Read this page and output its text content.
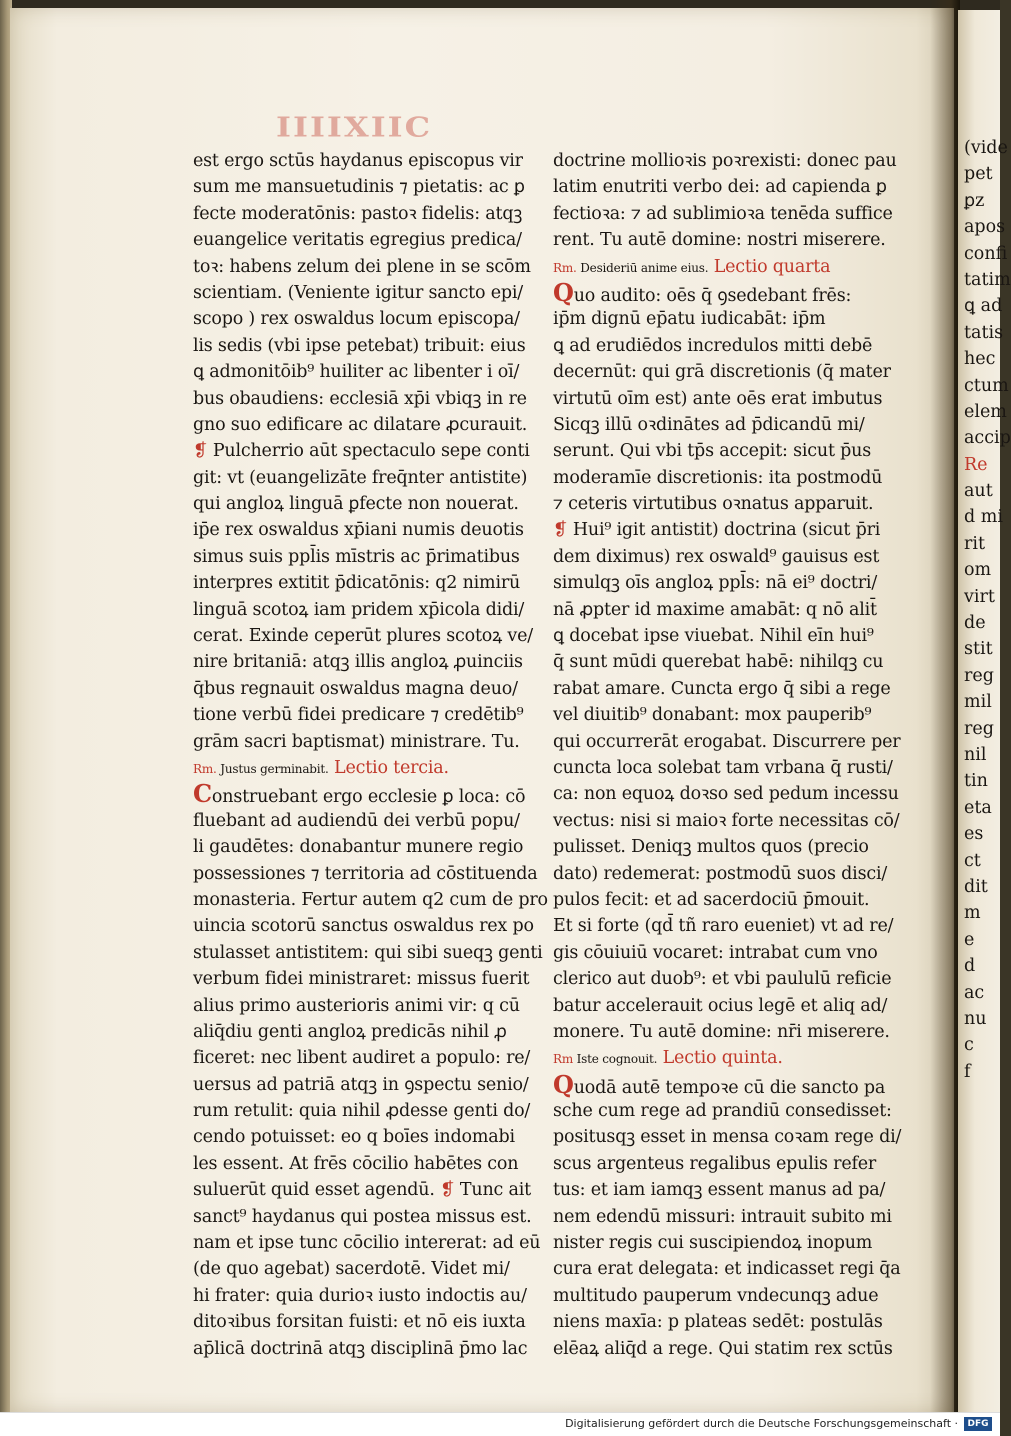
IIIIXIIC
est ergo sctūs haydanus episcopus vir
sum me mansuetudinis ⁊ pietatis: ac ꝑ
fecte moderatōnis: pastoꝛ fidelis: atqꝫ
euangelice veritatis egregius predica/
toꝛ: habens zelum dei plene in se scōm
scientiam. (Veniente igitur sancto epi/
scopo ) rex oswaldus locum episcopa/
lis sedis (vbi ipse petebat) tribuit: eius
ꝗ admonitōib⁹ huiliter ac libenter i oī/
bus obaudiens: ecclesiā xp̄i vbiqꝫ in re
gno suo edificare ac dilatare ꝓcurauit.
❡ Pulcherrio aūt spectaculo sepe conti
git: vt (euangelizāte freq̄nter antistite)
qui angloꝝ linguā ꝑfecte non nouerat.
ip̄e rex oswaldus xp̄iani numis deuotis
simus suis ppl̄is mīstris ac p̄rimatibus
interpres extitit p̄dicatōnis: q2 nimirū
linguā scotoꝝ iam pridem xp̄icola didi/
cerat. Exinde ceperūt plures scotoꝝ ve/
nire britaniā: atqꝫ illis angloꝝ ꝓuinciis
q̄bus regnauit oswaldus magna deuo/
tione verbū fidei predicare ⁊ credētib⁹
grām sacri baptismat) ministrare. Tu.
Rm. Justus germinabit. Lectio tercia.
Construebant ergo ecclesie ꝑ loca: cō
fluebant ad audiendū dei verbū popu/
li gaudētes: donabantur munere regio
possessiones ⁊ territoria ad cōstituenda
monasteria. Fertur autem q2 cum de pro
uincia scotorū sanctus oswaldus rex po
stulasset antistitem: qui sibi sueqꝫ genti
verbum fidei ministraret: missus fuerit
alius primo austerioris animi vir: q cū
aliq̄diu genti angloꝝ predicās nihil ꝓ
ficeret: nec libent audiret a populo: re/
uersus ad patriā atqꝫ in ꝯspectu senio/
rum retulit: quia nihil ꝓdesse genti do/
cendo potuisset: eo q boīes indomabi
les essent. At frēs cōcilio habētes con
suluerūt quid esset agendū. ❡ Tunc ait
sanct⁹ haydanus qui postea missus est.
nam et ipse tunc cōcilio intererat: ad eū
(de quo agebat) sacerdotē. Videt mi/
hi frater: quia durioꝛ iusto indoctis au/
ditoꝛibus forsitan fuisti: et nō eis iuxta
ap̄licā doctrinā atqꝫ disciplinā p̄mo lac
doctrine mollioꝛis poꝛrexisti: donec pau
latim enutriti verbo dei: ad capienda ꝑ
fectioꝛa: ⁊ ad sublimioꝛa tenēda suffice
rent. Tu autē domine: nostri miserere.
Rm. Desideriū anime eius. Lectio quarta
Quo audito: oēs q̄ ꝯsedebant frēs:
ip̄m dignū ep̄atu iudicabāt: ip̄m
ꝗ ad erudiēdos incredulos mitti debē
decernūt: qui grā discretionis (q̄ mater
virtutū oīm est) ante oēs erat imbutus
Sicqꝫ illū oꝛdinātes ad p̄dicandū mi/
serunt. Qui vbi tp̄s accepit: sicut p̄us
moderamīe discretionis: ita postmodū
⁊ ceteris virtutibus oꝛnatus apparuit.
❡ Hui⁹ igit antistit) doctrina (sicut p̄ri
dem diximus) rex oswald⁹ gauisus est
simulqꝫ oīs angloꝝ ppl̄s: nā ei⁹ doctri/
nā ꝓpter id maxime amabāt: q nō alit̄
ꝗ docebat ipse viuebat. Nihil eīn hui⁹
q̄ sunt mūdi querebat habē: nihilqꝫ cu
rabat amare. Cuncta ergo q̄ sibi a rege
vel diuitib⁹ donabant: mox pauperib⁹
qui occurrerāt erogabat. Discurrere per
cuncta loca solebat tam vrbana q̄ rusti/
ca: non equoꝝ doꝛso sed pedum incessu
vectus: nisi si maioꝛ forte necessitas cō/
pulisset. Deniqꝫ multos quos (precio
dato) redemerat: postmodū suos disci/
pulos fecit: et ad sacerdociū p̄mouit.
Et si forte (qd̄ tñ raro eueniet) vt ad re/
gis cōuiuiū vocaret: intrabat cum vno
clerico aut duob⁹: et vbi paululū reficie
batur accelerauit ocius legē et aliq ad/
monere. Tu autē domine: nr̄i miserere.
Rm Iste cognouit. Lectio quinta.
Quodā autē tempoꝛe cū die sancto pa
sche cum rege ad prandiū consedisset:
positusqꝫ esset in mensa coꝛam rege di/
scus argenteus regalibus epulis refer
tus: et iam iamqꝫ essent manus ad pa/
nem edendū missuri: intrauit subito mi
nister regis cui suscipiendoꝝ inopum
cura erat delegata: et indicasset regi q̄a
multitudo pauperum vndecunqꝫ adue
niens maxīa: p plateas sedēt: postulās
elēaꝝ aliq̄d a rege. Qui statim rex sctūs
(vide
pet
ꝑz
apos
confi
tatim
ꝗ ad
tatis
hec
ctum
elem
accip
Re
aut
d mi
rit
om
virt
de
stit
reg
mil
reg
nil
tin
eta
es
ct
dit
m
e
d
ac
nu
c
f
Digitalisierung gefördert durch die Deutsche Forschungsgemeinschaft ·	DFG
